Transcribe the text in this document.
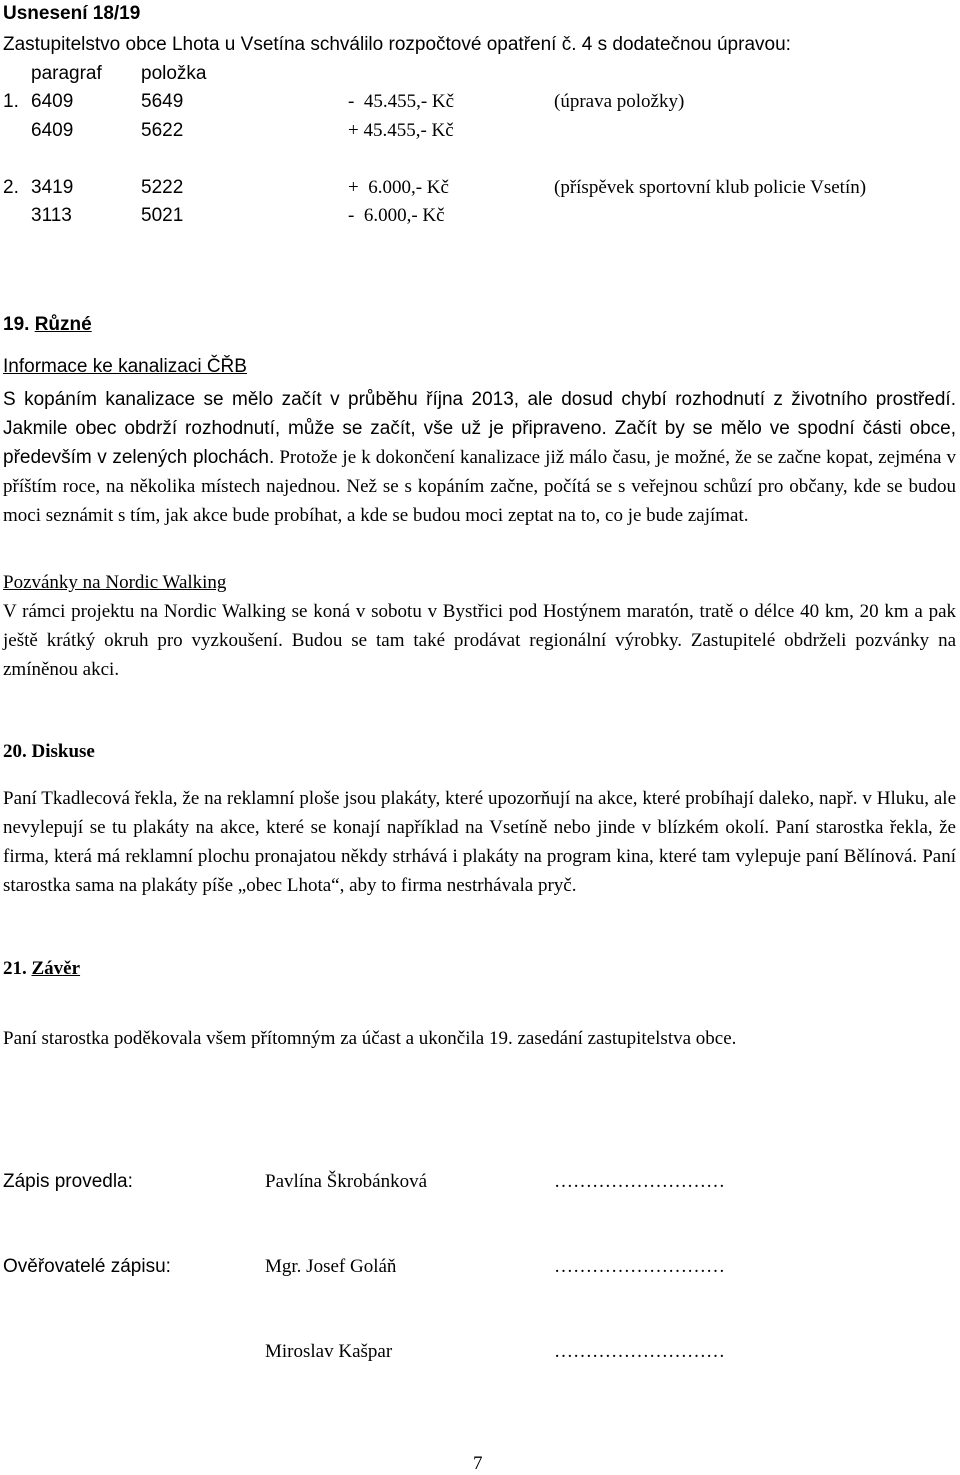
Usnesení 18/19
Zastupitelstvo obce Lhota u Vsetína schválilo rozpočtové opatření č. 4 s dodatečnou úpravou:
paragraf položka
1. 6409	5649	-  45.455,- Kč	(úprava položky)
6409	5622	+ 45.455,- Kč
2. 3419	5222	+  6.000,- Kč	(příspěvek sportovní klub policie Vsetín)
3113	5021	-  6.000,- Kč
19. Různé
Informace ke kanalizaci ČŘB
S kopáním kanalizace se mělo začít v průběhu října 2013, ale dosud chybí rozhodnutí z životního prostředí. Jakmile obec obdrží rozhodnutí, může se začít, vše už je připraveno. Začít by se mělo ve spodní části obce, především v zelených plochách. Protože je k dokončení kanalizace již málo času, je možné, že se začne kopat, zejména v příštím roce, na několika místech najednou. Než se s kopáním začne, počítá se s veřejnou schůzí pro občany, kde se budou moci seznámit s tím, jak akce bude probíhat, a kde se budou moci zeptat na to, co je bude zajímat.
Pozvánky na Nordic Walking
V rámci projektu na Nordic Walking se koná v sobotu v Bystřici pod Hostýnem maratón, tratě o délce 40 km, 20 km a pak ještě krátký okruh pro vyzkoušení. Budou se tam také prodávat regionální výrobky. Zastupitelé obdrželi pozvánky na zmíněnou akci.
20. Diskuse
Paní Tkadlecová řekla, že na reklamní ploše jsou plakáty, které upozorňují na akce, které probíhají daleko, např. v Hluku, ale nevylepují se tu plakáty na akce, které se konají například na Vsetíně nebo jinde v blízkém okolí. Paní starostka řekla, že firma, která má reklamní plochu pronajatou někdy strhává i plakáty na program kina, které tam vylepuje paní Bělínová. Paní starostka sama na plakáty píše „obec Lhota“, aby to firma nestrhávala pryč.
21. Závěr
Paní starostka poděkovala všem přítomným za účast a ukončila 19. zasedání zastupitelstva obce.
Zápis provedla:	Pavlína Škrobánková	………………………
Ověřovatelé zápisu:	Mgr. Josef Goláň	………………………
Miroslav Kašpar	………………………
7
